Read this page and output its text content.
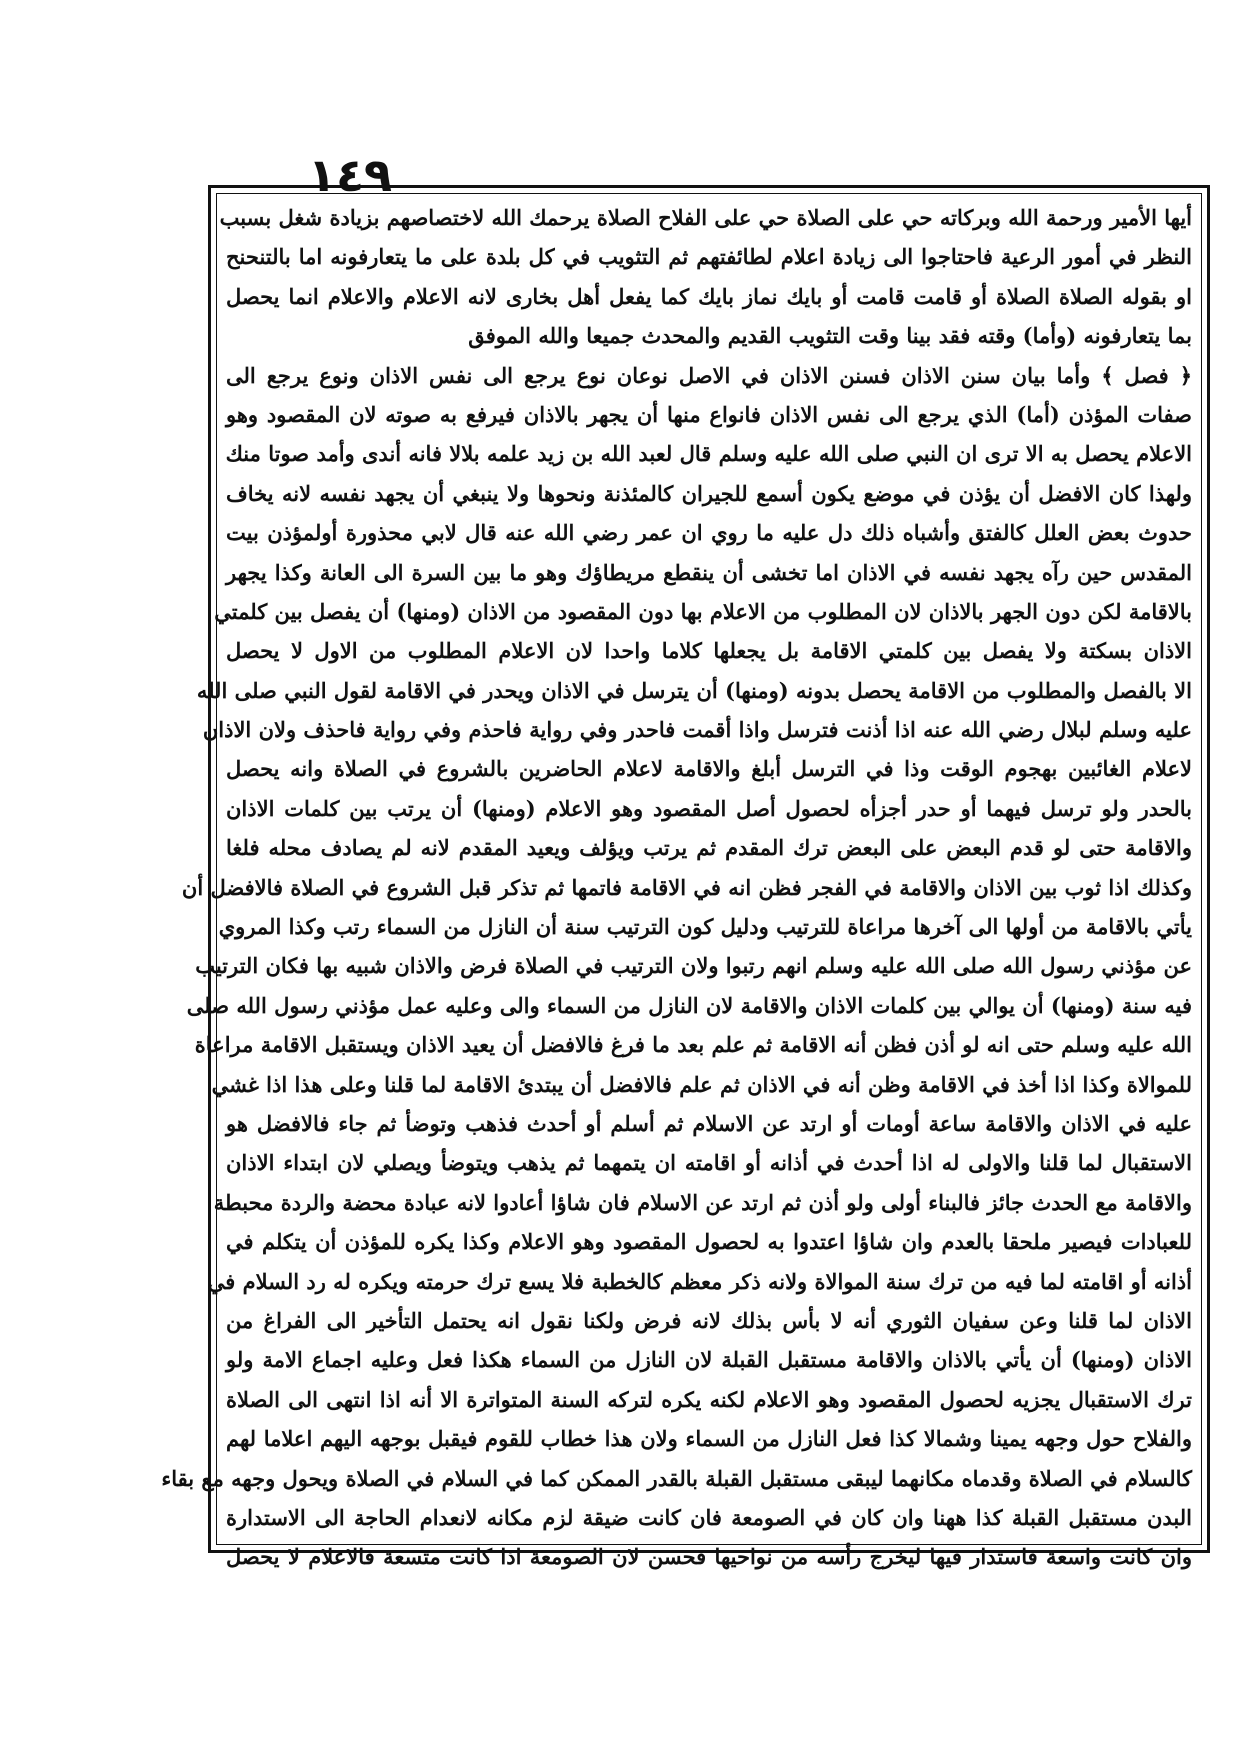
١٤٩
أيها الأمير ورحمة الله وبركاته حي على الصلاة حي على الفلاح الصلاة يرحمك الله لاختصاصهم بزيادة شغل بسبب
النظر في أمور الرعية فاحتاجوا الى زيادة اعلام لطائفتهم ثم التثويب في كل بلدة على ما يتعارفونه اما بالتنحنح
او بقوله الصلاة الصلاة أو قامت قامت أو بايك نماز بايك كما يفعل أهل بخارى لانه الاعلام والاعلام انما يحصل
بما يتعارفونه (وأما) وقته فقد بينا وقت التثويب القديم والمحدث جميعا والله الموفق
﴿ فصل ﴾ وأما بيان سنن الاذان فسنن الاذان في الاصل نوعان نوع يرجع الى نفس الاذان ونوع يرجع الى
صفات المؤذن (أما) الذي يرجع الى نفس الاذان فانواع منها أن يجهر بالاذان فيرفع به صوته لان المقصود وهو
الاعلام يحصل به الا ترى ان النبي صلى الله عليه وسلم قال لعبد الله بن زيد علمه بلالا فانه أندى وأمد صوتا منك
ولهذا كان الافضل أن يؤذن في موضع يكون أسمع للجيران كالمئذنة ونحوها ولا ينبغي أن يجهد نفسه لانه يخاف
حدوث بعض العلل كالفتق وأشباه ذلك دل عليه ما روي ان عمر رضي الله عنه قال لابي محذورة أولمؤذن بيت
المقدس حين رآه يجهد نفسه في الاذان اما تخشى أن ينقطع مريطاؤك وهو ما بين السرة الى العانة وكذا يجهر
بالاقامة لكن دون الجهر بالاذان لان المطلوب من الاعلام بها دون المقصود من الاذان (ومنها) أن يفصل بين كلمتي
الاذان بسكتة ولا يفصل بين كلمتي الاقامة بل يجعلها كلاما واحدا لان الاعلام المطلوب من الاول لا يحصل
الا بالفصل والمطلوب من الاقامة يحصل بدونه (ومنها) أن يترسل في الاذان ويحدر في الاقامة لقول النبي صلى الله
عليه وسلم لبلال رضي الله عنه اذا أذنت فترسل واذا أقمت فاحدر وفي رواية فاحذم وفي رواية فاحذف ولان الاذان
لاعلام الغائبين بهجوم الوقت وذا في الترسل أبلغ والاقامة لاعلام الحاضرين بالشروع في الصلاة وانه يحصل
بالحدر ولو ترسل فيهما أو حدر أجزأه لحصول أصل المقصود وهو الاعلام (ومنها) أن يرتب بين كلمات الاذان
والاقامة حتى لو قدم البعض على البعض ترك المقدم ثم يرتب ويؤلف ويعيد المقدم لانه لم يصادف محله فلغا
وكذلك اذا ثوب بين الاذان والاقامة في الفجر فظن انه في الاقامة فاتمها ثم تذكر قبل الشروع في الصلاة فالافضل أن
يأتي بالاقامة من أولها الى آخرها مراعاة للترتيب ودليل كون الترتيب سنة أن النازل من السماء رتب وكذا المروي
عن مؤذني رسول الله صلى الله عليه وسلم انهم رتبوا ولان الترتيب في الصلاة فرض والاذان شبيه بها فكان الترتيب
فيه سنة (ومنها) أن يوالي بين كلمات الاذان والاقامة لان النازل من السماء والى وعليه عمل مؤذني رسول الله صلى
الله عليه وسلم حتى انه لو أذن فظن أنه الاقامة ثم علم بعد ما فرغ فالافضل أن يعيد الاذان ويستقبل الاقامة مراعاة
للموالاة وكذا اذا أخذ في الاقامة وظن أنه في الاذان ثم علم فالافضل أن يبتدئ الاقامة لما قلنا وعلى هذا اذا غشي
عليه في الاذان والاقامة ساعة أومات أو ارتد عن الاسلام ثم أسلم أو أحدث فذهب وتوضأ ثم جاء فالافضل هو
الاستقبال لما قلنا والاولى له اذا أحدث في أذانه أو اقامته ان يتمهما ثم يذهب ويتوضأ ويصلي لان ابتداء الاذان
والاقامة مع الحدث جائز فالبناء أولى ولو أذن ثم ارتد عن الاسلام فان شاؤا أعادوا لانه عبادة محضة والردة محبطة
للعبادات فيصير ملحقا بالعدم وان شاؤا اعتدوا به لحصول المقصود وهو الاعلام وكذا يكره للمؤذن أن يتكلم في
أذانه أو اقامته لما فيه من ترك سنة الموالاة ولانه ذكر معظم كالخطبة فلا يسع ترك حرمته ويكره له رد السلام في
الاذان لما قلنا وعن سفيان الثوري أنه لا بأس بذلك لانه فرض ولكنا نقول انه يحتمل التأخير الى الفراغ من
الاذان (ومنها) أن يأتي بالاذان والاقامة مستقبل القبلة لان النازل من السماء هكذا فعل وعليه اجماع الامة ولو
ترك الاستقبال يجزيه لحصول المقصود وهو الاعلام لكنه يكره لتركه السنة المتواترة الا أنه اذا انتهى الى الصلاة
والفلاح حول وجهه يمينا وشمالا كذا فعل النازل من السماء ولان هذا خطاب للقوم فيقبل بوجهه اليهم اعلاما لهم
كالسلام في الصلاة وقدماه مكانهما ليبقى مستقبل القبلة بالقدر الممكن كما في السلام في الصلاة ويحول وجهه مع بقاء
البدن مستقبل القبلة كذا ههنا وان كان في الصومعة فان كانت ضيقة لزم مكانه لانعدام الحاجة الى الاستدارة
وان كانت واسعة فاستدار فيها ليخرج رأسه من نواحيها فحسن لان الصومعة اذا كانت متسعة فالاعلام لا يحصل
